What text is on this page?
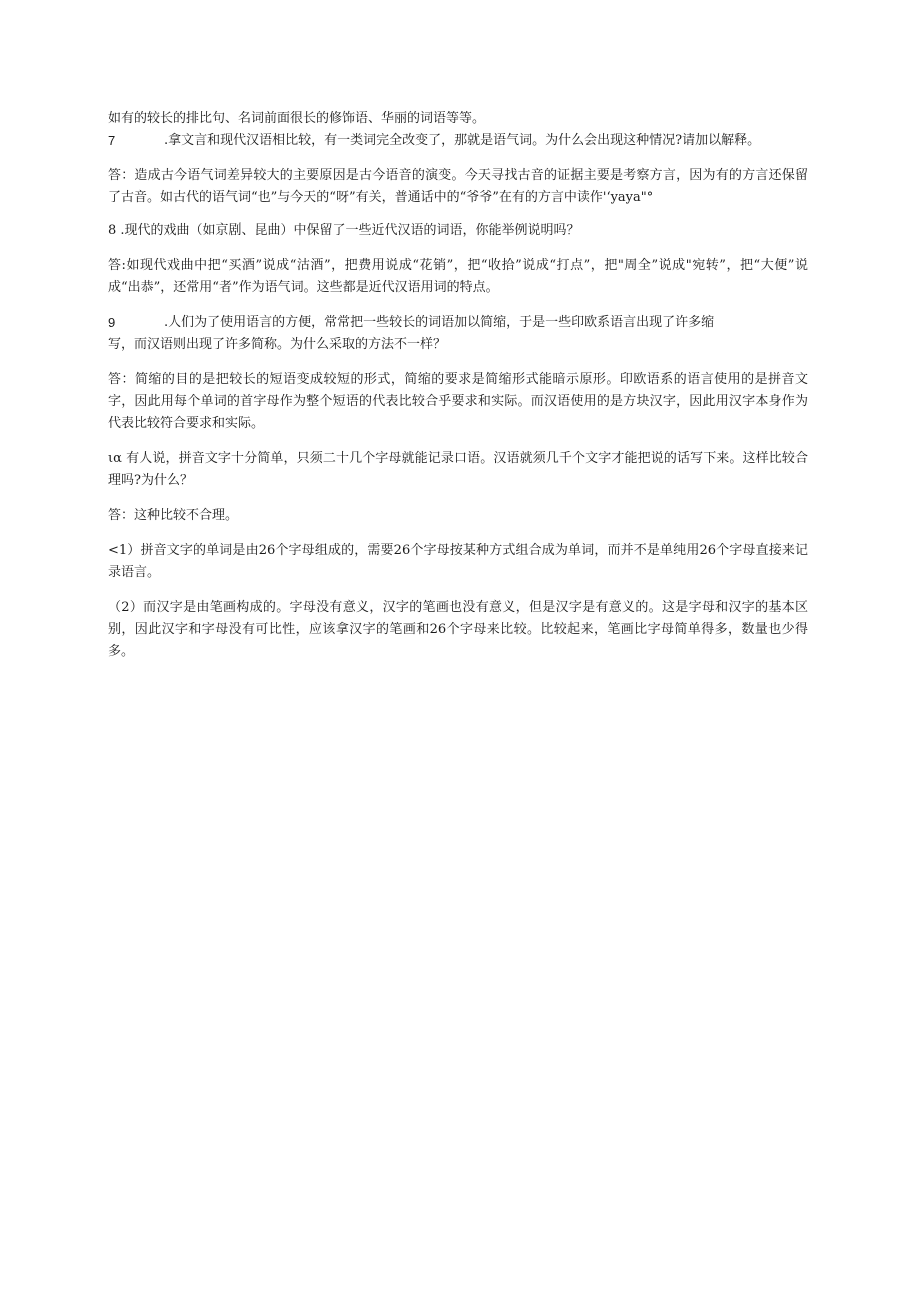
如有的较长的排比句、名词前面很长的修饰语、华丽的词语等等。

7	.拿文言和现代汉语相比较，有一类词完全改变了，那就是语气词。为什么会出现这种情况?请加以解释。

答：造成古今语气词差异较大的主要原因是古今语音的演变。今天寻找古音的证据主要是考察方言，因为有的方言还保留了古音。如古代的语气词“也”与今天的“呀”有关，普通话中的“爷爷”在有的方言中读作'‘yaya"°

8 .现代的戏曲（如京剧、昆曲）中保留了一些近代汉语的词语，你能举例说明吗？

答:如现代戏曲中把“买酒”说成“沽酒”，把费用说成“花销”，把“收拾”说成“打点”，把"周全”说成"宛转”，把“大便”说成“出恭”，还常用“者”作为语气词。这些都是近代汉语用词的特点。

9	.人们为了使用语言的方便，常常把一些较长的词语加以简缩，于是一些印欧系语言出现了许多缩

写，而汉语则出现了许多简称。为什么采取的方法不一样？

答：简缩的目的是把较长的短语变成较短的形式，简缩的要求是简缩形式能暗示原形。印欧语系的语言使用的是拼音文字，因此用每个单词的首字母作为整个短语的代表比较合乎要求和实际。而汉语使用的是方块汉字，因此用汉字本身作为代表比较符合要求和实际。

ια 有人说，拼音文字十分简单，只须二十几个字母就能记录口语。汉语就须几千个文字才能把说的话写下来。这样比较合理吗?为什么？

答：这种比较不合理。

<1）拼音文字的单词是由26个字母组成的，需要26个字母按某种方式组合成为单词，而并不是单纯用26个字母直接来记录语言。

（2）而汉字是由笔画构成的。字母没有意义，汉字的笔画也没有意义，但是汉字是有意义的。这是字母和汉字的基本区别，因此汉字和字母没有可比性，应该拿汉字的笔画和26个字母来比较。比较起来，笔画比字母简单得多，数量也少得多。
